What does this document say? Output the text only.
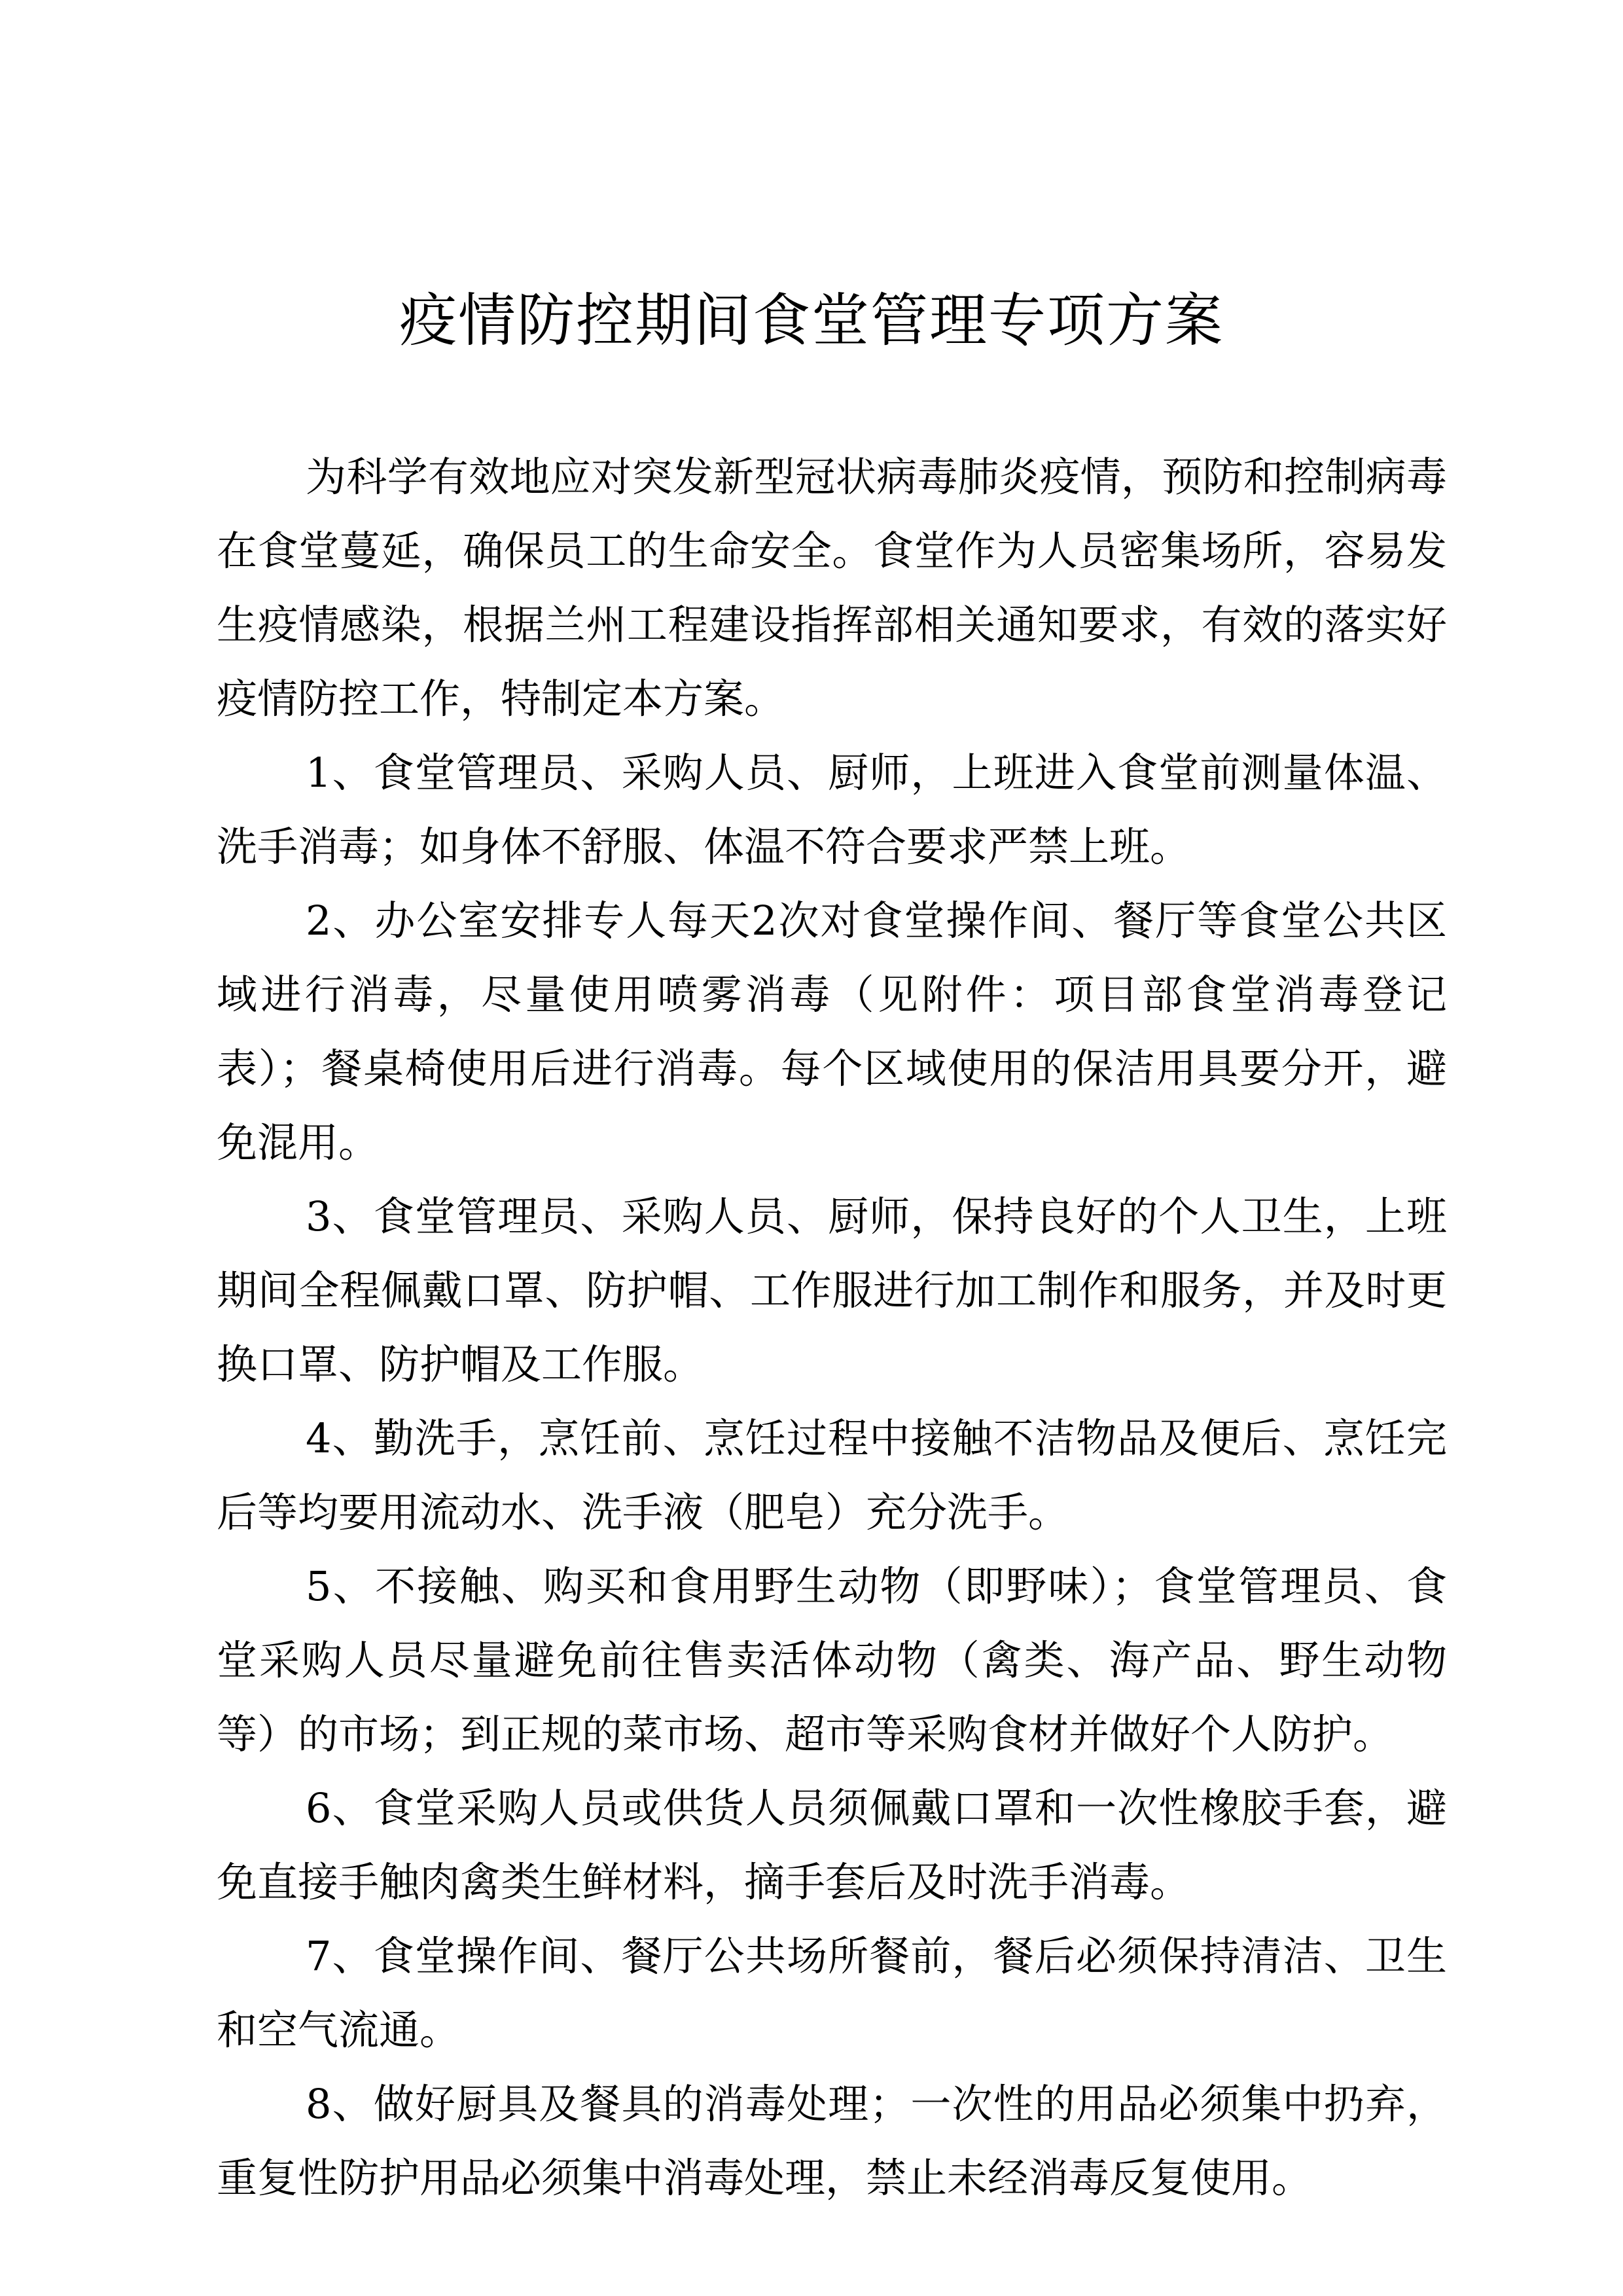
疫情防控期间食堂管理专项方案

为科学有效地应对突发新型冠状病毒肺炎疫情，预防和控制病毒在食堂蔓延，确保员工的生命安全。食堂作为人员密集场所，容易发生疫情感染，根据兰州工程建设指挥部相关通知要求，有效的落实好疫情防控工作，特制定本方案。

1、食堂管理员、采购人员、厨师，上班进入食堂前测量体温、洗手消毒；如身体不舒服、体温不符合要求严禁上班。

2、办公室安排专人每天2次对食堂操作间、餐厅等食堂公共区域进行消毒，尽量使用喷雾消毒（见附件：项目部食堂消毒登记表）；餐桌椅使用后进行消毒。每个区域使用的保洁用具要分开，避免混用。

3、食堂管理员、采购人员、厨师，保持良好的个人卫生，上班期间全程佩戴口罩、防护帽、工作服进行加工制作和服务，并及时更换口罩、防护帽及工作服。

4、勤洗手，烹饪前、烹饪过程中接触不洁物品及便后、烹饪完后等均要用流动水、洗手液（肥皂）充分洗手。

5、不接触、购买和食用野生动物（即野味）；食堂管理员、食堂采购人员尽量避免前往售卖活体动物（禽类、海产品、野生动物等）的市场；到正规的菜市场、超市等采购食材并做好个人防护。

6、食堂采购人员或供货人员须佩戴口罩和一次性橡胶手套，避免直接手触肉禽类生鲜材料，摘手套后及时洗手消毒。

7、食堂操作间、餐厅公共场所餐前，餐后必须保持清洁、卫生和空气流通。

8、做好厨具及餐具的消毒处理；一次性的用品必须集中扔弃，重复性防护用品必须集中消毒处理，禁止未经消毒反复使用。
